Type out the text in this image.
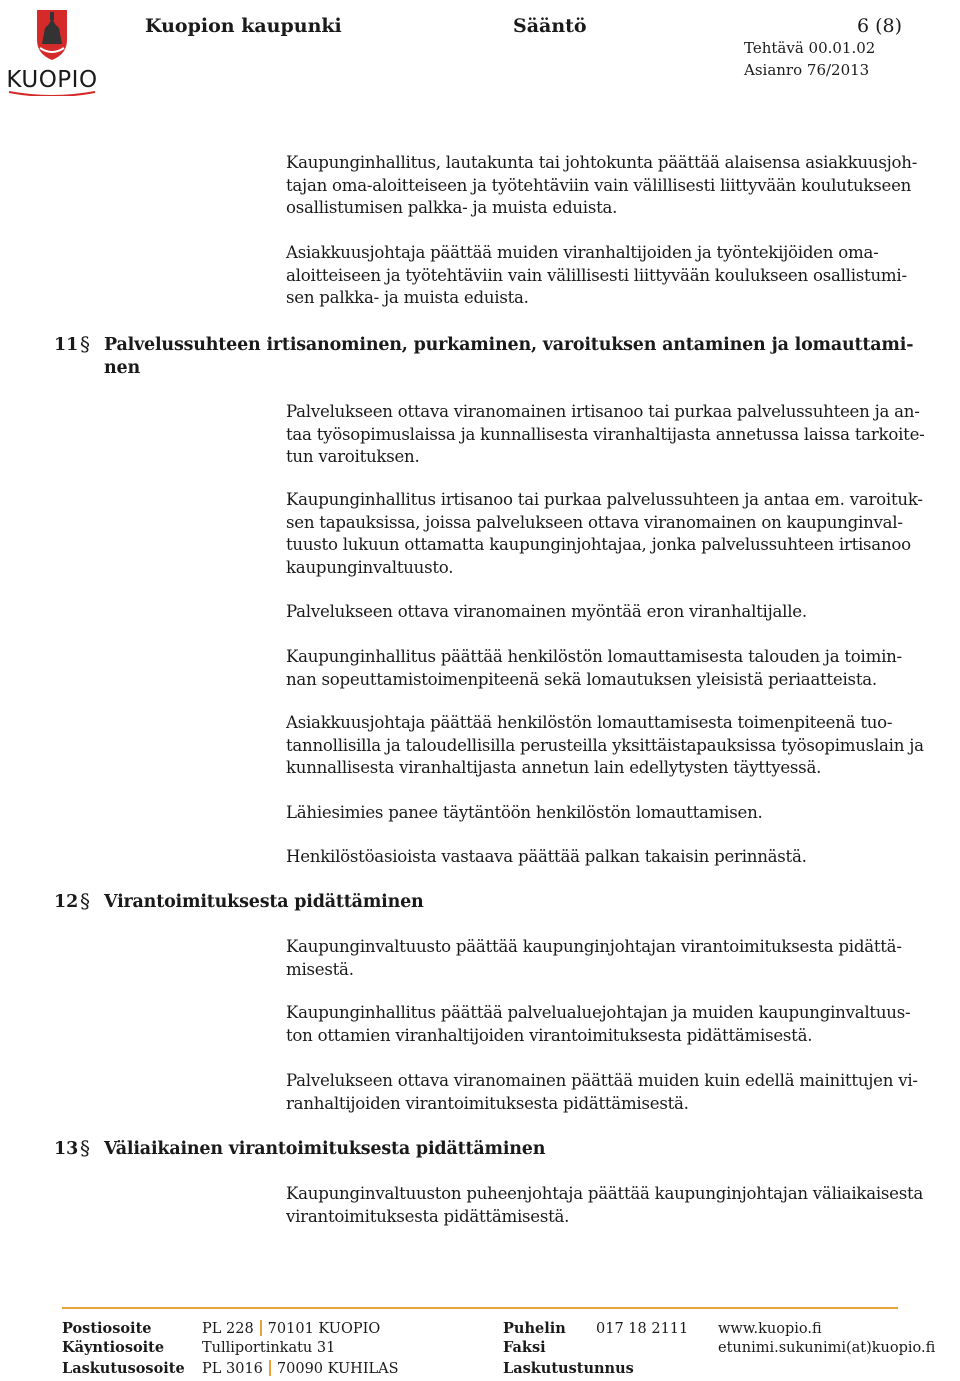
KUOPIO
Kuopion kaupunki	Sääntö	6 (8)
Tehtävä 00.01.02
Asianro 76/2013

Kaupunginhallitus, lautakunta tai johtokunta päättää alaisensa asiakkuusjoh-
tajan oma-aloitteiseen ja työtehtäviin vain välillisesti liittyvään koulutukseen
osallistumisen palkka- ja muista eduista.

Asiakkuusjohtaja päättää muiden viranhaltijoiden ja työntekijöiden oma-
aloitteiseen ja työtehtäviin vain välillisesti liittyvään koulukseen osallistumi-
sen palkka- ja muista eduista.

11 § Palvelussuhteen irtisanominen, purkaminen, varoituksen antaminen ja lomauttami-
nen

Palvelukseen ottava viranomainen irtisanoo tai purkaa palvelussuhteen ja an-
taa työsopimuslaissa ja kunnallisesta viranhaltijasta annetussa laissa tarkoite-
tun varoituksen.

Kaupunginhallitus irtisanoo tai purkaa palvelussuhteen ja antaa em. varoituk-
sen tapauksissa, joissa palvelukseen ottava viranomainen on kaupunginval-
tuusto lukuun ottamatta kaupunginjohtajaa, jonka palvelussuhteen irtisanoo
kaupunginvaltuusto.

Palvelukseen ottava viranomainen myöntää eron viranhaltijalle.

Kaupunginhallitus päättää henkilöstön lomauttamisesta talouden ja toimin-
nan sopeuttamistoimenpiteenä sekä lomautuksen yleisistä periaatteista.

Asiakkuusjohtaja päättää henkilöstön lomauttamisesta toimenpiteenä tuo-
tannollisilla ja taloudellisilla perusteilla yksittäistapauksissa työsopimuslain ja
kunnallisesta viranhaltijasta annetun lain edellytysten täyttyessä.

Lähiesimies panee täytäntöön henkilöstön lomauttamisen.

Henkilöstöasioista vastaava päättää palkan takaisin perinnästä.

12 § Virantoimituksesta pidättäminen

Kaupunginvaltuusto päättää kaupunginjohtajan virantoimituksesta pidättä-
misestä.

Kaupunginhallitus päättää palvelualuejohtajan ja muiden kaupunginvaltuus-
ton ottamien viranhaltijoiden virantoimituksesta pidättämisestä.

Palvelukseen ottava viranomainen päättää muiden kuin edellä mainittujen vi-
ranhaltijoiden virantoimituksesta pidättämisestä.

13 § Väliaikainen virantoimituksesta pidättäminen

Kaupunginvaltuuston puheenjohtaja päättää kaupunginjohtajan väliaikaisesta
virantoimituksesta pidättämisestä.

Postiosoite	PL 228 70101 KUOPIO	Puhelin 017 18 2111 www.kuopio.fi
Käyntiosoite	Tulliportinkatu 31	Faksi	etunimi.sukunimi(at)kuopio.fi
Laskutusosoite PL 3016 70090 KUHILAS	Laskutustunnus
